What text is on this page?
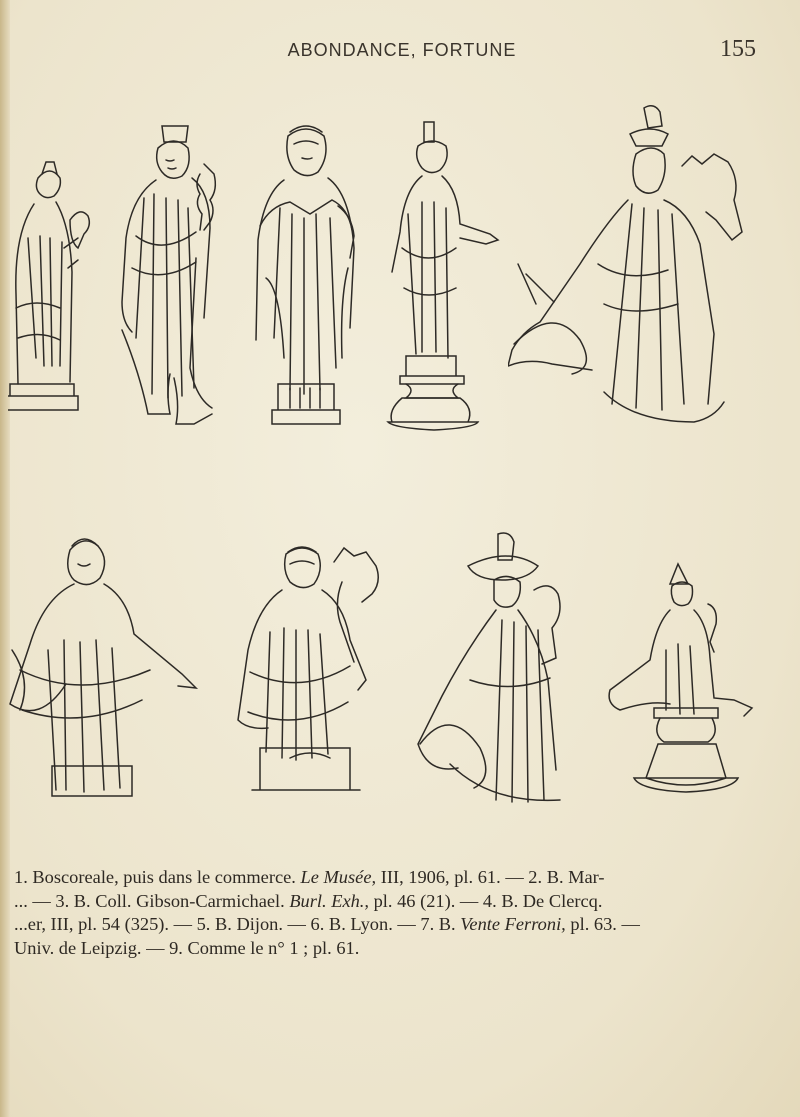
ABONDANCE, FORTUNE	155
1. Boscoreale, puis dans le commerce. Le Musée, III, 1906, pl. 61. — 2. B. Mar-
... — 3. B. Coll. Gibson-Carmichael. Burl. Exh., pl. 46 (21). — 4. B. De Clercq.
...er, III, pl. 54 (325). — 5. B. Dijon. — 6. B. Lyon. — 7. B. Vente Ferroni, pl. 63. —
Univ. de Leipzig. — 9. Comme le n° 1 ; pl. 61.
